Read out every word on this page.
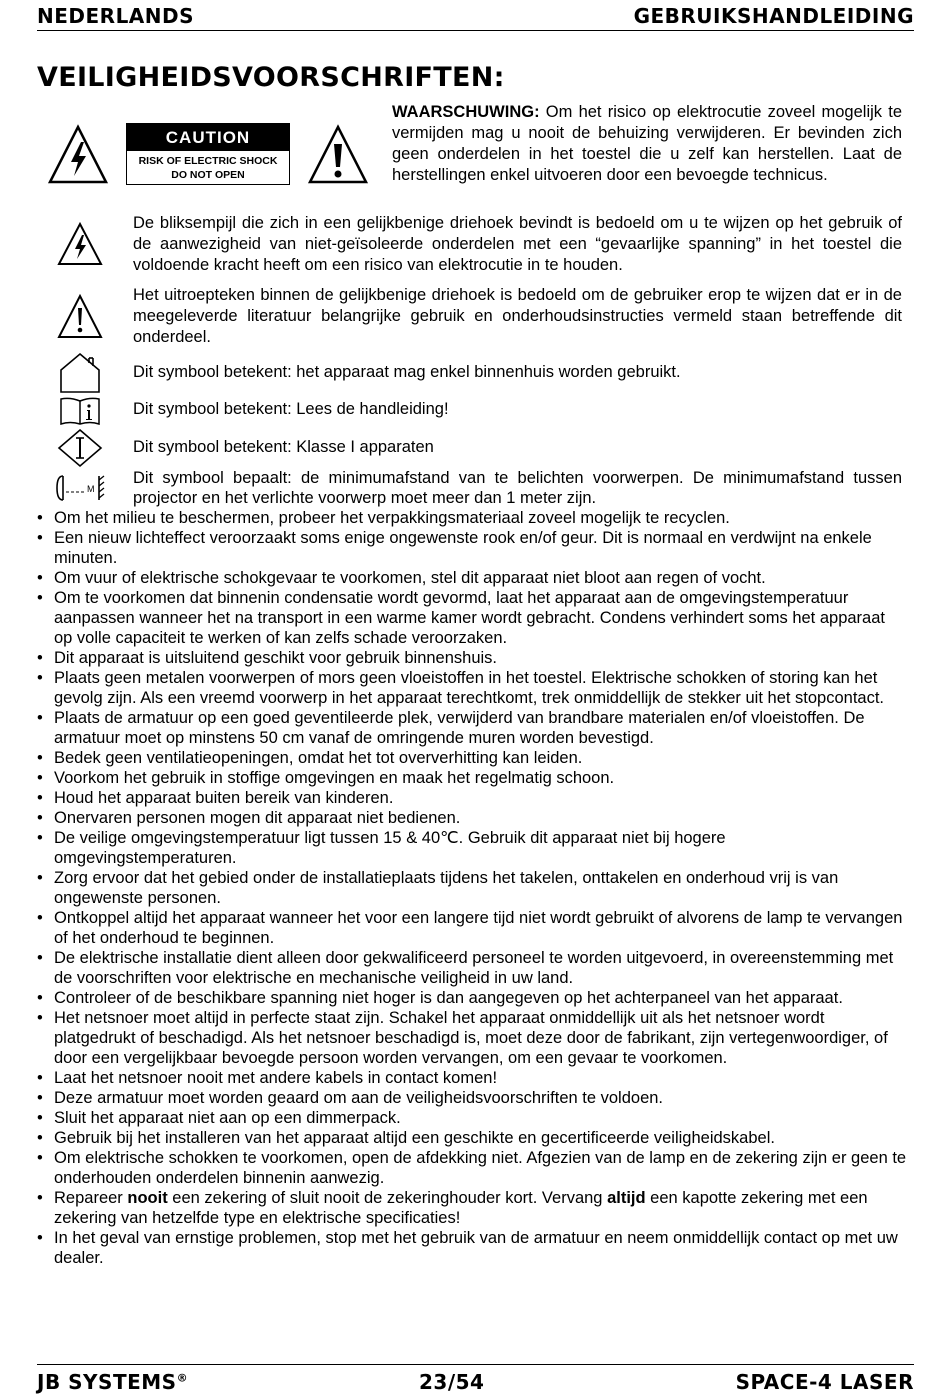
NEDERLANDS	GEBRUIKSHANDLEIDING
VEILIGHEIDSVOORSCHRIFTEN:
CAUTION
RISK OF ELECTRIC SHOCK
DO NOT OPEN
WAARSCHUWING: Om het risico op elektrocutie zoveel mogelijk te vermijden mag u nooit de behuizing verwijderen. Er bevinden zich geen onderdelen in het toestel die u zelf kan herstellen. Laat de herstellingen enkel uitvoeren door een bevoegde technicus.
De bliksempijl die zich in een gelijkbenige driehoek bevindt is bedoeld om u te wijzen op het gebruik of de aanwezigheid van niet-geïsoleerde onderdelen met een “gevaarlijke spanning” in het toestel die voldoende kracht heeft om een risico van elektrocutie in te houden.
Het uitroepteken binnen de gelijkbenige driehoek is bedoeld om de gebruiker erop te wijzen dat er in de meegeleverde literatuur belangrijke gebruik en onderhoudsinstructies vermeld staan betreffende dit onderdeel.
Dit symbool betekent: het apparaat mag enkel binnenhuis worden gebruikt.
Dit symbool betekent: Lees de handleiding!
Dit symbool betekent: Klasse I apparaten
M
Dit symbool bepaalt: de minimumafstand van te belichten voorwerpen. De minimumafstand tussen projector en het verlichte voorwerp moet meer dan 1 meter zijn.
• Om het milieu te beschermen, probeer het verpakkingsmateriaal zoveel mogelijk te recyclen.
• Een nieuw lichteffect veroorzaakt soms enige ongewenste rook en/of geur. Dit is normaal en verdwijnt na enkele minuten.
• Om vuur of elektrische schokgevaar te voorkomen, stel dit apparaat niet bloot aan regen of vocht.
• Om te voorkomen dat binnenin condensatie wordt gevormd, laat het apparaat aan de omgevingstemperatuur aanpassen wanneer het na transport in een warme kamer wordt gebracht. Condens verhindert soms het apparaat op volle capaciteit te werken of kan zelfs schade veroorzaken.
• Dit apparaat is uitsluitend geschikt voor gebruik binnenshuis.
• Plaats geen metalen voorwerpen of mors geen vloeistoffen in het toestel. Elektrische schokken of storing kan het gevolg zijn. Als een vreemd voorwerp in het apparaat terechtkomt, trek onmiddellijk de stekker uit het stopcontact.
• Plaats de armatuur op een goed geventileerde plek, verwijderd van brandbare materialen en/of vloeistoffen. De armatuur moet op minstens 50 cm vanaf de omringende muren worden bevestigd.
• Bedek geen ventilatieopeningen, omdat het tot oververhitting kan leiden.
• Voorkom het gebruik in stoffige omgevingen en maak het regelmatig schoon.
• Houd het apparaat buiten bereik van kinderen.
• Onervaren personen mogen dit apparaat niet bedienen.
• De veilige omgevingstemperatuur ligt tussen 15 & 40℃. Gebruik dit apparaat niet bij hogere omgevingstemperaturen.
• Zorg ervoor dat het gebied onder de installatieplaats tijdens het takelen, onttakelen en onderhoud vrij is van ongewenste personen.
• Ontkoppel altijd het apparaat wanneer het voor een langere tijd niet wordt gebruikt of alvorens de lamp te vervangen of het onderhoud te beginnen.
• De elektrische installatie dient alleen door gekwalificeerd personeel te worden uitgevoerd, in overeenstemming met de voorschriften voor elektrische en mechanische veiligheid in uw land.
• Controleer of de beschikbare spanning niet hoger is dan aangegeven op het achterpaneel van het apparaat.
• Het netsnoer moet altijd in perfecte staat zijn. Schakel het apparaat onmiddellijk uit als het netsnoer wordt platgedrukt of beschadigd. Als het netsnoer beschadigd is, moet deze door de fabrikant, zijn vertegenwoordiger, of door een vergelijkbaar bevoegde persoon worden vervangen, om een gevaar te voorkomen.
• Laat het netsnoer nooit met andere kabels in contact komen!
• Deze armatuur moet worden geaard om aan de veiligheidsvoorschriften te voldoen.
• Sluit het apparaat niet aan op een dimmerpack.
• Gebruik bij het installeren van het apparaat altijd een geschikte en gecertificeerde veiligheidskabel.
• Om elektrische schokken te voorkomen, open de afdekking niet. Afgezien van de lamp en de zekering zijn er geen te onderhouden onderdelen binnenin aanwezig.
• Repareer nooit een zekering of sluit nooit de zekeringhouder kort. Vervang altijd een kapotte zekering met een zekering van hetzelfde type en elektrische specificaties!
• In het geval van ernstige problemen, stop met het gebruik van de armatuur en neem onmiddellijk contact op met uw dealer.
JB SYSTEMS®	23/54	SPACE-4 LASER
